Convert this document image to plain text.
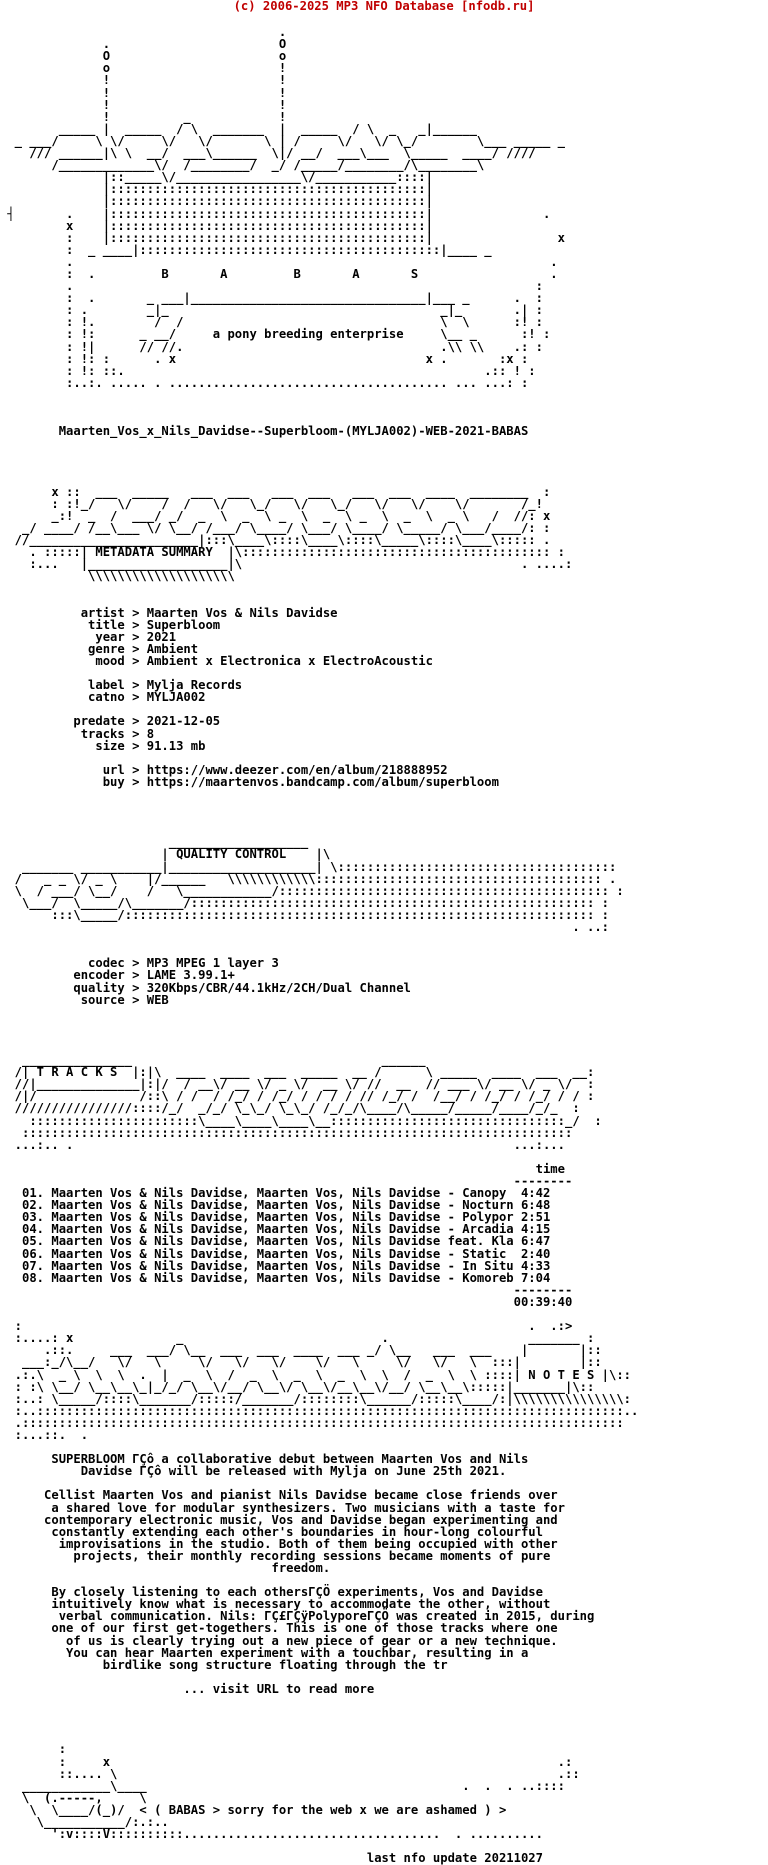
(c) 2006-2025 MP3 NFO Database [nfodb.ru]

.
.                       O
O                       o
o                       !
!                       !
!                       !
!                       !
!          _            !
_____ |  _____  / \  _______  |  _____  / \  _   _|______
_ ___/     \ \/     \/   \/       \ | /     \/   \/ \_/        \___ _____ _
/// ______|\ \  __/  ___\______  \|/ __/  ___\___  \_____  ____/ ////
/_____________\/  /________/  _/ /_____/________/\________\
|::_____\/_________________\/___________::::|
|:::::::::::::::::::::::::::::::::::::::::::|
|:::::::::::::::::::::::::::::::::::::::::::|
┤       .    |:::::::::::::::::::::::::::::::::::::::::::|               .
x    |:::::::::::::::::::::::::::::::::::::::::::|
:    |:::::::::::::::::::::::::::::::::::::::::::|                 x
:  _ ____|:::::::::::::::::::::::::::::::::::::::::|____ _
.                                                                 .
:  .         B       A         B       A       S                  .
.                                                               :
:  .       _ ___|________________________________|___ _      .  :
: .        _|_                                     _|_       .| :
: !.        /  /                                   \  \      :! :
: !:      _ __/     a pony breeding enterprise     \__ _      :! :
: !|      // //.                                   .\\ \\    .: :
: !: :      . x                                  x .       :x :
: !: ::.                                                 .:: ! :
:..:. ..... . ...................................... ... ...: :

Maarten_Vos_x_Nils_Davidse--Superbloom-(MYLJA002)-WEB-2021-BABAS

x ::  ___  _____   ___  ___   ___  ___   ___  ___  ____  ________  :
: :!_/   \/    /  /   \/   \_/   \/   \_/   \/   \/    \/       /_!
_:!  _  /  ___/ _/  _  \  _  \ _  \  _  \ _  \  _  \  _ \   /  //: x
_/ ____/ /__\___ \/ \__/ /___/ \____/ \___/ \____/ \_____/ \___/____/: :
//_______________________|:::\____\::::\____\::::\_____\::::\____\::::: .
. :::::| METADATA SUMMARY  |\:::::::::::::::::::::::::::::::::::::::::: :
:...   |___________________|\                                      . ....:
\\\\\\\\\\\\\\\\\\\\

artist > Maarten Vos & Nils Davidse
title > Superbloom
year > 2021
genre > Ambient
mood > Ambient x Electronica x ElectroAcoustic

label > Mylja Records
catno > MYLJA002

predate > 2021-12-05
tracks > 8
size > 91.13 mb

url > https://www.deezer.com/en/album/218888952
buy > https://maartenvos.bandcamp.com/album/superbloom

___________________
| QUALITY CONTROL    |\
_______ ___________|____________________| \::::::::::::::::::::::::::::::::::::::
/   _ _ \/ _ \    |/______   \\\\\\\\\\\\::::::::::::::::::::::::::::::::::::::: .
\  / ___/ \__/    /   \____________/::::::::::::::::::::::::::::::::::::::::::::: :
\___/  \_____/\_______/::::::::::::::::::::::::::::::::::::::::::::::::::::::: :
:::\_____/:::::::::::::::::::::::::::::::::::::::::::::::::::::::::::::::: :
. ..:

codec > MP3 MPEG 1 layer 3
encoder > LAME 3.99.1+
quality > 320Kbps/CBR/44.1kHz/2CH/Dual Channel
source > WEB

_______________                                  ______
/| T R A C K S  |:|\  ____  ____  ___  _____  __ /      \ _____  ____  ___  __:
//|______________|:|/  / __\/ __ \/ _ \/  __ \/ //  __  // ___ \/ __ \/ _ \/  :
/|/              /::\ / /  / /_/ / /_/ / / / / // /_/ /  /__/ / /_/ / /_/ / / :
////////////////::::/_/  _/_/ \_\_/ \_\_/ /_/_/\____/\_____/_____/____/_/_  :
:::::::::::::::::::::::\____\____\____\__::::::::::::::::::::::::::::::::_/  :
:::::::::::::::::::::::::::::::::::::::::::::::::::::::::::::::::::::::::::
...:.. .                                                            ...:...

time
--------
01. Maarten Vos & Nils Davidse, Maarten Vos, Nils Davidse - Canopy  4:42
02. Maarten Vos & Nils Davidse, Maarten Vos, Nils Davidse - Nocturn 6:48
03. Maarten Vos & Nils Davidse, Maarten Vos, Nils Davidse - Polypor 2:51
04. Maarten Vos & Nils Davidse, Maarten Vos, Nils Davidse - Arcadia 4:15
05. Maarten Vos & Nils Davidse, Maarten Vos, Nils Davidse feat. Kla 6:47
06. Maarten Vos & Nils Davidse, Maarten Vos, Nils Davidse - Static  2:40
07. Maarten Vos & Nils Davidse, Maarten Vos, Nils Davidse - In Situ 4:33
08. Maarten Vos & Nils Davidse, Maarten Vos, Nils Davidse - Komoreb 7:04
--------
00:39:40

:                                                                     .  .:>
:....: x              _                           .                   _______ :
.::.     ___  ___/ \__  ___  ___  ____  ___ _/ \__   ___  ___    |       |::
___:_/\__/   \/   \     \/   \/   \/    \/   \     \/   \/   \  :::|        |::
.:.\  _ \  \  \  .  |  _  \  /  _  \  _  \  _  \  \  /  _  \  \ ::::| N O T E S |\::
: :\ \__/ \__\__\_|_/_/ \__\/__/ \__\/ \__\/__\__\/__/ \__\__\:::::|_______|\::
:..: \_____/::::\_______/:::::/_______/::::::::\______/:::::\____/:|\\\\\\\\\\\\\\\:
:..::::::::::::::::::::::::::::::::::::::::::::::::::::::::::::::::::::::::::::::::..
.::::::::::::::::::::::::::::::::::::::::::::::::::::::::::::::::::::::::::::::::::
:...::.  .

SUPERBLOOM ΓÇô a collaborative debut between Maarten Vos and Nils
Davidse ΓÇô will be released with Mylja on June 25th 2021.

Cellist Maarten Vos and pianist Nils Davidse became close friends over
a shared love for modular synthesizers. Two musicians with a taste for
contemporary electronic music, Vos and Davidse began experimenting and
constantly extending each other's boundaries in hour-long colourful
improvisations in the studio. Both of them being occupied with other
projects, their monthly recording sessions became moments of pure
freedom.

By closely listening to each othersΓÇÖ experiments, Vos and Davidse
intuitively know what is necessary to accommodate the other, without
verbal communication. Nils: ΓÇ£ΓÇÿPolyporeΓÇÖ was created in 2015, during
one of our first get-togethers. This is one of those tracks where one
of us is clearly trying out a new piece of gear or a new technique.
You can hear Maarten experiment with a touchbar, resulting in a
birdlike song structure floating through the tr

... visit URL to read more

:
:     x                                                             .:
::.... \                                                            .::
____________\____                                           .  .  . ..::::
\  (.-----,     \
\  \____/(_)/  < ( BABAS > sorry for the web x we are ashamed ) >
\___________/:.:..
':v::::V::::::::::...................................  . ..........

last nfo update 20211027
